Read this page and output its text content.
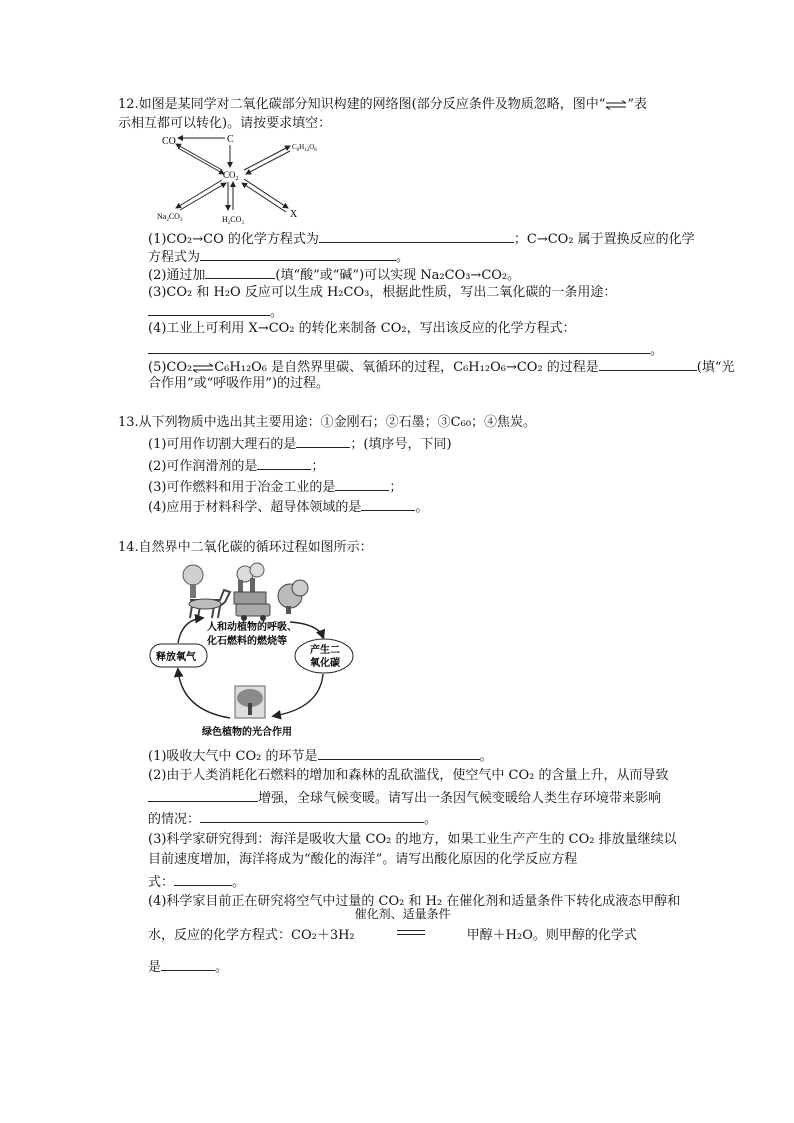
12.如图是某同学对二氧化碳部分知识构建的网络图(部分反应条件及物质忽略，图中“ ”表
示相互都可以转化)。请按要求填空：
CO	C
$C_6H_{12}O_6$
$CO_2$
$Na_2CO_3$	$H_2CO_3$
X
(1)CO₂→CO 的化学方程式为	；C→CO₂ 属于置换反应的化学
方程式为	。
(2)通过加	(填“酸”或“碱”)可以实现 Na₂CO₃→CO₂。
(3)CO₂ 和 H₂O 反应可以生成 H₂CO₃，根据此性质，写出二氧化碳的一条用途：
。
(4)工业上可利用 X→CO₂ 的转化来制备 CO₂，写出该反应的化学方程式：
。
(5)CO₂ C₆H₁₂O₆ 是自然界里碳、氧循环的过程，C₆H₁₂O₆→CO₂ 的过程是	(填“光
合作用”或“呼吸作用”)的过程。
13.从下列物质中选出其主要用途：①金刚石；②石墨；③C₆₀；④焦炭。
(1)可用作切割大理石的是	；(填序号，下同)
(2)可作润滑剂的是	；
(3)可作燃料和用于冶金工业的是	；
(4)应用于材料科学、超导体领域的是	。
14.自然界中二氧化碳的循环过程如图所示：
人和动植物的呼吸、
化石燃料的燃烧等
释放氧气
产生二
氧化碳
绿色植物的光合作用
(1)吸收大气中 CO₂ 的环节是	。
(2)由于人类消耗化石燃料的增加和森林的乱砍滥伐，使空气中 CO₂ 的含量上升，从而导致
增强，全球气候变暖。请写出一条因气候变暖给人类生存环境带来影响
的情况：	。
(3)科学家研究得到：海洋是吸收大量 CO₂ 的地方，如果工业生产产生的 CO₂ 排放量继续以
目前速度增加，海洋将成为“酸化的海洋”。请写出酸化原因的化学反应方程
式：	。
(4)科学家目前正在研究将空气中过量的 CO₂ 和 H₂ 在催化剂和适量条件下转化成液态甲醇和
水，反应的化学方程式：CO₂＋3H₂
催化剂、适量条件
甲醇＋H₂O。则甲醇的化学式
是	。
